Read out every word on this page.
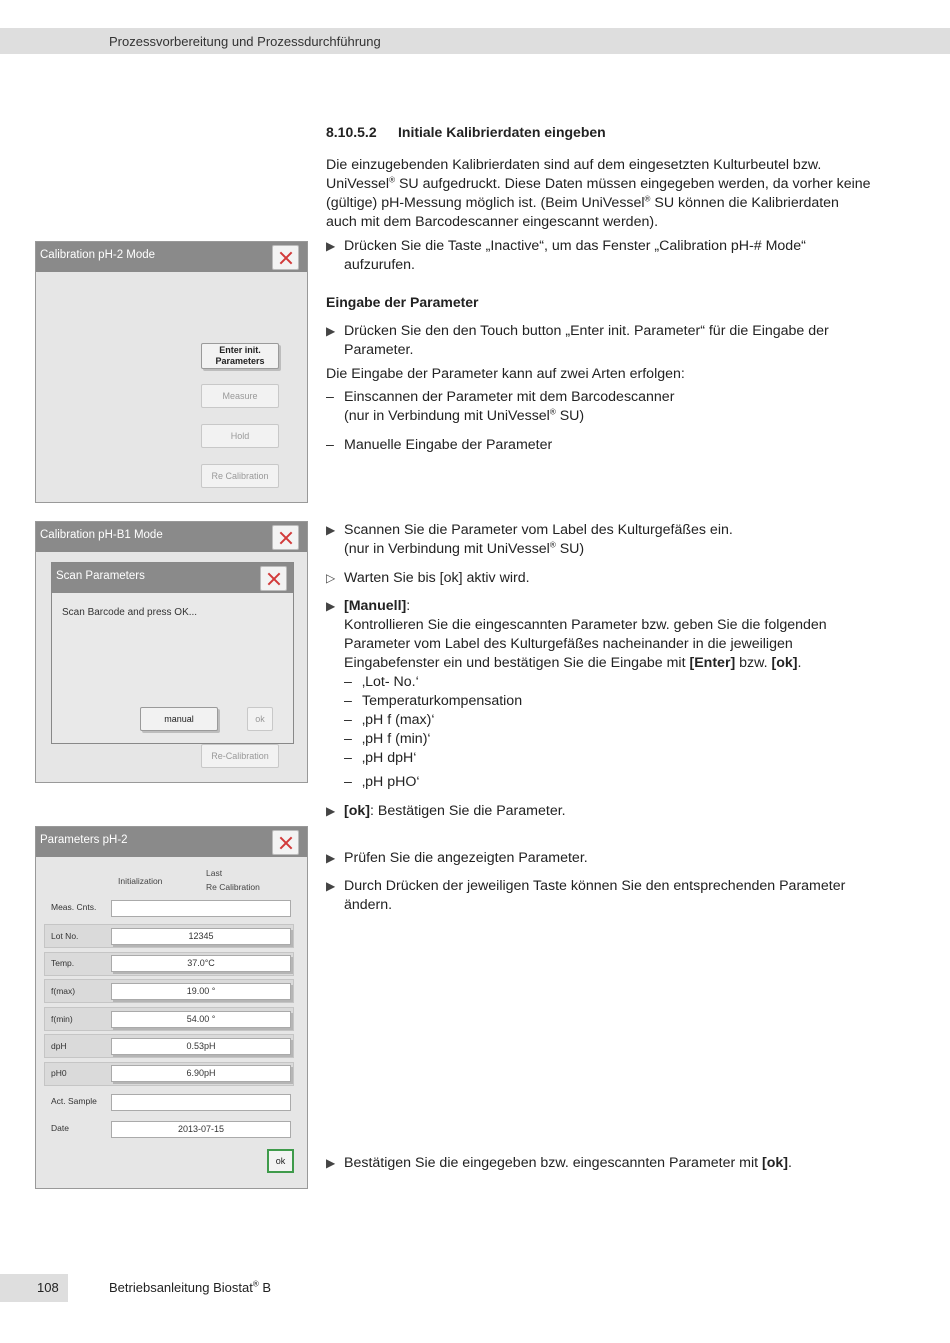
Prozessvorbereitung und Prozessdurchführung
8.10.5.2 Initiale Kalibrierdaten eingeben
Die einzugebenden Kalibrierdaten sind auf dem eingesetzten Kulturbeutel bzw.
UniVessel® SU aufgedruckt. Diese Daten müssen eingegeben werden, da vorher keine
(gültige) pH-Messung möglich ist. (Beim UniVessel® SU können die Kalibrierdaten
auch mit dem Barcodescanner eingescannt werden).
▶ Drücken Sie die Taste „Inactive“, um das Fenster „Calibration pH-# Mode“ aufzurufen.
Eingabe der Parameter
▶ Drücken Sie den den Touch button „Enter init. Parameter“ für die Eingabe der Parameter.
Die Eingabe der Parameter kann auf zwei Arten erfolgen:
– Einscannen der Parameter mit dem Barcodescanner
(nur in Verbindung mit UniVessel® SU)
– Manuelle Eingabe der Parameter
▶ Scannen Sie die Parameter vom Label des Kulturgefäßes ein.
(nur in Verbindung mit UniVessel® SU)
▷ Warten Sie bis [ok] aktiv wird.
▶ [Manuell]:
Kontrollieren Sie die eingescannten Parameter bzw. geben Sie die folgenden Parameter vom Label des Kulturgefäßes nacheinander in die jeweiligen Eingabefenster ein und bestätigen Sie die Eingabe mit [Enter] bzw. [ok].
– ‚Lot- No.‘
– Temperaturkompensation
– ‚pH f (max)‘
– ‚pH f (min)‘
– ‚pH dpH‘
– ‚pH pHO‘
▶ [ok]: Bestätigen Sie die Parameter.
▶ Prüfen Sie die angezeigten Parameter.
▶ Durch Drücken der jeweiligen Taste können Sie den entsprechenden Parameter ändern.
▶ Bestätigen Sie die eingegeben bzw. eingescannten Parameter mit [ok].
Calibration pH-2 Mode
Enter init.
Parameters
Measure
Hold
Re Calibration
Calibration pH-B1 Mode
Scan Parameters
Scan Barcode and press OK...
manual	ok
Re-Calibration
Parameters pH-2
Initialization
Last
Re Calibration
Meas. Cnts.
Lot No.	12345
Temp.	37.0°C
f(max)	19.00 °
f(min)	54.00 °
dpH	0.53pH
pH0	6.90pH
Act. Sample
Date	2013-07-15
ok
108	Betriebsanleitung Biostat® B
